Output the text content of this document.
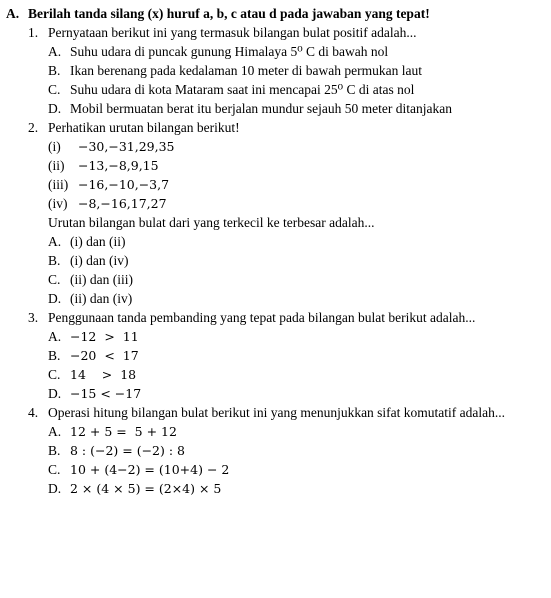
A. Berilah tanda silang (x) huruf a, b, c atau d pada jawaban yang tepat!
1. Pernyataan berikut ini yang termasuk bilangan bulat positif adalah...
A. Suhu udara di puncak gunung Himalaya 5⁰ C di bawah nol
B. Ikan berenang pada kedalaman 10 meter di bawah permukan laut
C. Suhu udara di kota Mataram saat ini mencapai 25⁰ C di atas nol
D. Mobil bermuatan berat itu berjalan mundur sejauh 50 meter ditanjakan
2. Perhatikan urutan bilangan berikut!
(i) −30,−31,29,35
(ii) −13,−8,9,15
(iii) −16,−10,−3,7
(iv) −8,−16,17,27
Urutan bilangan bulat dari yang terkecil ke terbesar adalah...
A. (i) dan (ii)
B. (i) dan (iv)
C. (ii) dan (iii)
D. (ii) dan (iv)
3. Penggunaan tanda pembanding yang tepat pada bilangan bulat berikut adalah...
A. −12  >  11
B. −20  <  17
C. 14    >  18
D. −15 < −17
4. Operasi hitung bilangan bulat berikut ini yang menunjukkan sifat komutatif adalah...
A. 12 + 5 =  5 + 12
B. 8 : (−2) = (−2) : 8
C. 10 + (4−2) = (10+4) − 2
D. 2 × (4 × 5) = (2×4) × 5
